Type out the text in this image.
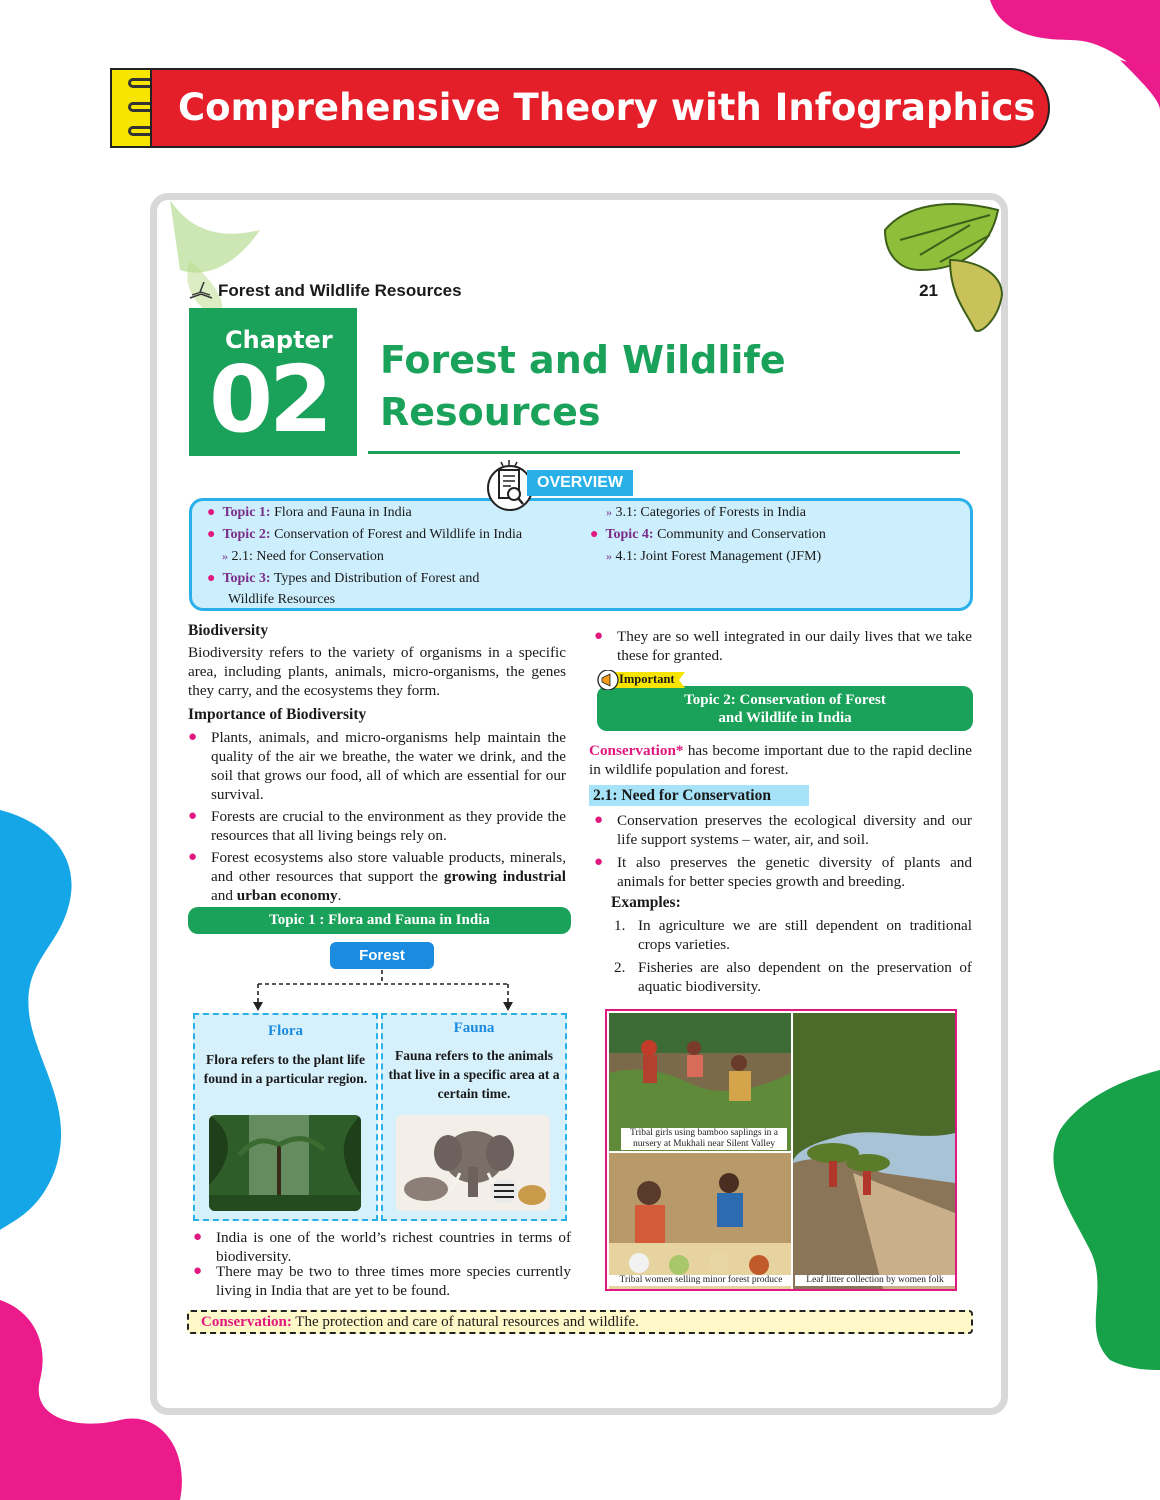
Comprehensive Theory with Infographics
Forest and Wildlife Resources	21
Chapter
02 Forest and Wildlife
Resources
OVERVIEW
● Topic 1: Flora and Fauna in India
● Topic 2: Conservation of Forest and Wildlife in India
» 2.1: Need for Conservation
● Topic 3: Types and Distribution of Forest and
Wildlife Resources
» 3.1: Categories of Forests in India
● Topic 4: Community and Conservation
» 4.1: Joint Forest Management (JFM)
Biodiversity
Biodiversity refers to the variety of organisms in a specific area, including plants, animals, micro-organisms, the genes they carry, and the ecosystems they form.
Importance of Biodiversity
● Plants, animals, and micro-organisms help maintain the quality of the air we breathe, the water we drink, and the soil that grows our food, all of which are essential for our survival.
● Forests are crucial to the environment as they provide the resources that all living beings rely on.
● Forest ecosystems also store valuable products, minerals, and other resources that support the growing industrial and urban economy.
Topic 1 : Flora and Fauna in India
Forest
Flora
Flora refers to the plant life found in a particular region.
Fauna
Fauna refers to the animals that live in a specific area at a certain time.
● India is one of the world’s richest countries in terms of biodiversity.
● There may be two to three times more species currently living in India that are yet to be found.
● They are so well integrated in our daily lives that we take these for granted.
Topic 2: Conservation of Forest
and Wildlife in India
Important
Conservation* has become important due to the rapid decline in wildlife population and forest.
2.1: Need for Conservation
● Conservation preserves the ecological diversity and our life support systems – water, air, and soil.
● It also preserves the genetic diversity of plants and animals for better species growth and breeding.
Examples:
1. In agriculture we are still dependent on traditional crops varieties.
2. Fisheries are also dependent on the preservation of aquatic biodiversity.
Tribal girls using bamboo saplings in a nursery at Mukhali near Silent Valley
Tribal women selling minor forest produce	Leaf litter collection by women folk
Conservation: The protection and care of natural resources and wildlife.
